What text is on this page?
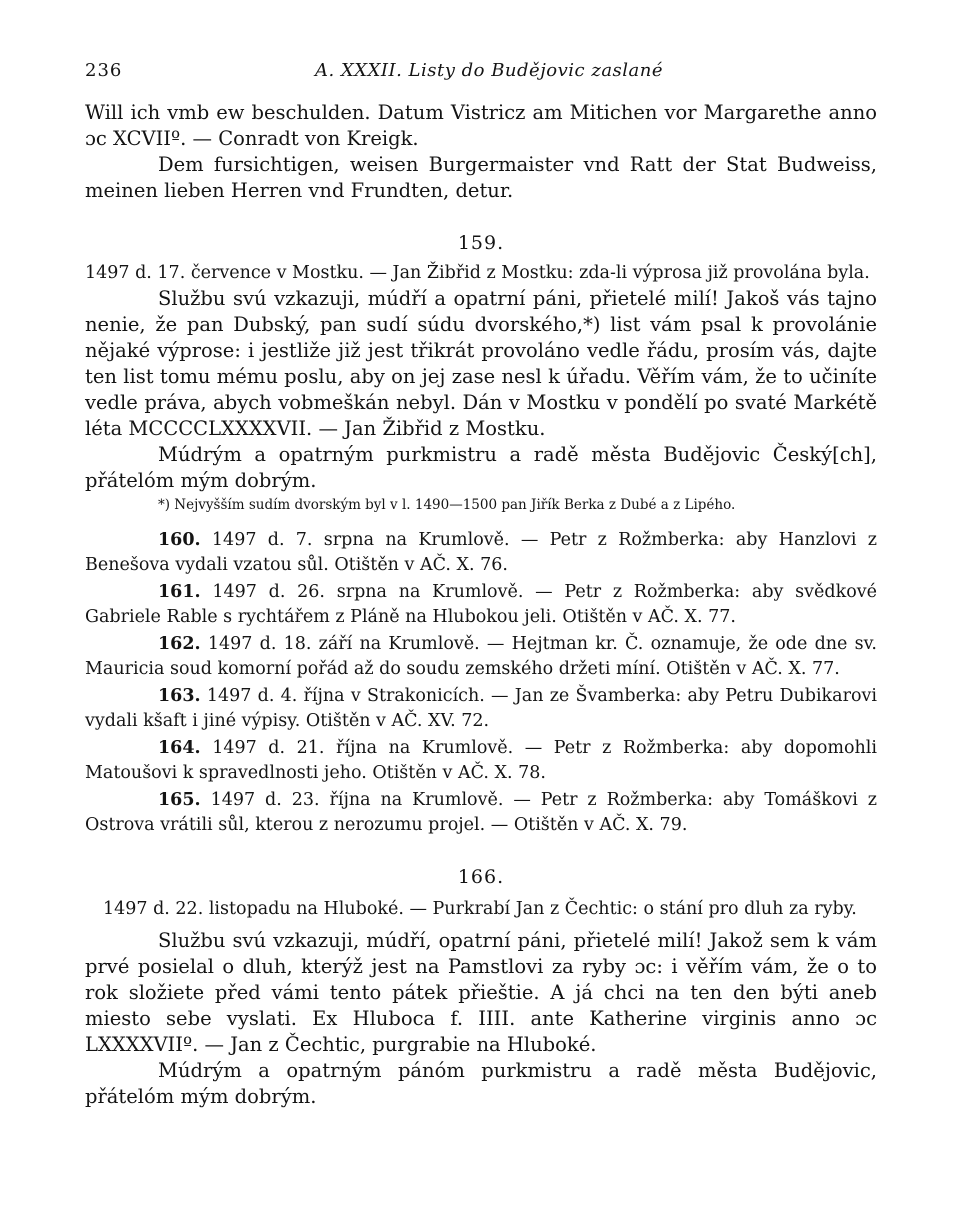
236	A. XXXII. Listy do Budějovic zaslané

Will ich vmb ew beschulden. Datum Vistricz am Mitichen vor Margarethe anno ɔc XCVIIº. — Conradt von Kreigk.

Dem fursichtigen, weisen Burgermaister vnd Ratt der Stat Budweiss, meinen lieben Herren vnd Frundten, detur.

159.

1497 d. 17. července v Mostku. — Jan Žibřid z Mostku: zda-li výprosa již provolána byla.

Službu svú vzkazuji, múdří a opatrní páni, přietelé milí! Jakoš vás tajno nenie, že pan Dubský, pan sudí súdu dvorského,*) list vám psal k provolánie nějaké výprose: i jestliže již jest třikrát provoláno vedle řádu, prosím vás, dajte ten list tomu mému poslu, aby on jej zase nesl k úřadu. Věřím vám, že to učiníte vedle práva, abych vobmeškán nebyl. Dán v Mostku v pondělí po svaté Markétě léta MCCCCLXXXXVII. — Jan Žibřid z Mostku.

Múdrým a opatrným purkmistru a radě města Budějovic Český[ch], přátelóm mým dobrým.

*) Nejvyšším sudím dvorským byl v l. 1490—1500 pan Jiřík Berka z Dubé a z Lipého.

160. 1497 d. 7. srpna na Krumlově. — Petr z Rožmberka: aby Hanzlovi z Benešova vydali vzatou sůl. Otištěn v AČ. X. 76.

161. 1497 d. 26. srpna na Krumlově. — Petr z Rožmberka: aby svědkové Gabriele Rable s rychtářem z Pláně na Hlubokou jeli. Otištěn v AČ. X. 77.

162. 1497 d. 18. září na Krumlově. — Hejtman kr. Č. oznamuje, že ode dne sv. Mauricia soud komorní pořád až do soudu zemského držeti míní. Otištěn v AČ. X. 77.

163. 1497 d. 4. října v Strakonicích. — Jan ze Švamberka: aby Petru Dubikarovi vydali kšaft i jiné výpisy. Otištěn v AČ. XV. 72.

164. 1497 d. 21. října na Krumlově. — Petr z Rožmberka: aby dopomohli Matoušovi k spravedlnosti jeho. Otištěn v AČ. X. 78.

165. 1497 d. 23. října na Krumlově. — Petr z Rožmberka: aby Tomáškovi z Ostrova vrátili sůl, kterou z nerozumu projel. — Otištěn v AČ. X. 79.

166.

1497 d. 22. listopadu na Hluboké. — Purkrabí Jan z Čechtic: o stání pro dluh za ryby.

Službu svú vzkazuji, múdří, opatrní páni, přietelé milí! Jakož sem k vám prvé posielal o dluh, kterýž jest na Pamstlovi za ryby ɔc: i věřím vám, že o to rok složiete před vámi tento pátek přieštie. A já chci na ten den býti aneb miesto sebe vyslati. Ex Hluboca f. IIII. ante Katherine virginis anno ɔc LXXXXVIIº. — Jan z Čechtic, purgrabie na Hluboké.

Múdrým a opatrným pánóm purkmistru a radě města Budějovic, přátelóm mým dobrým.
